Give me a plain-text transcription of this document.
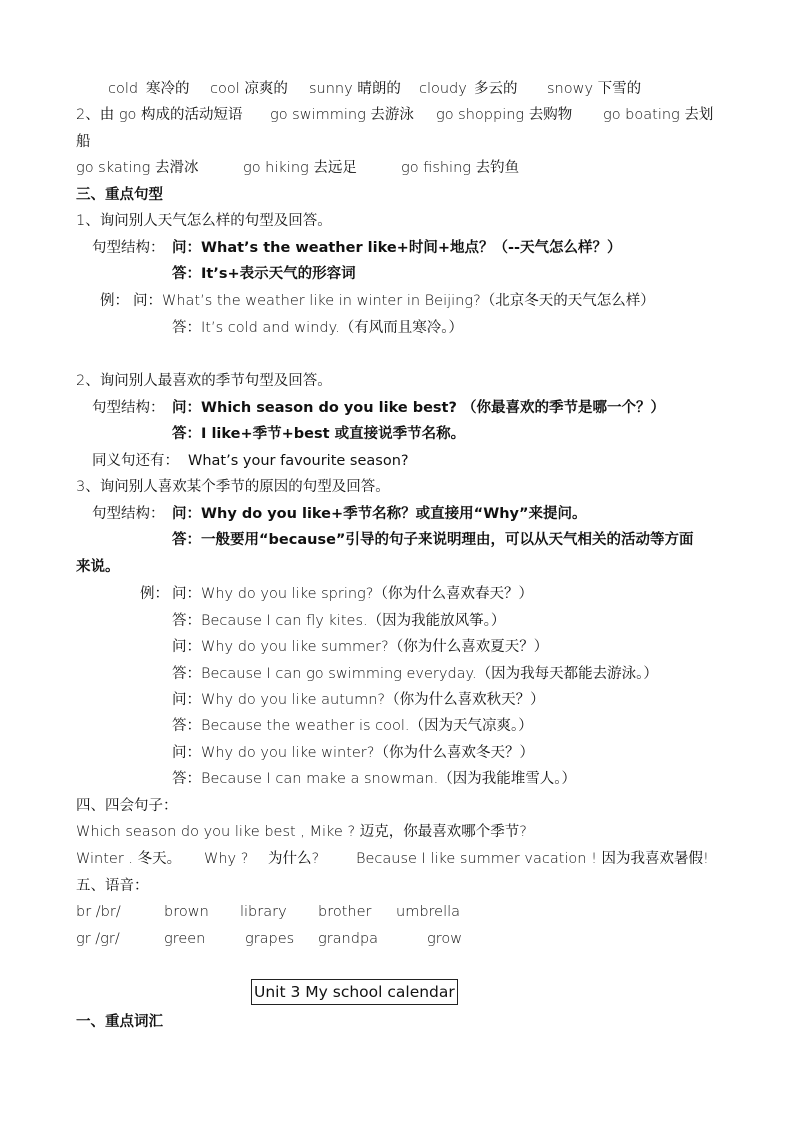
cold 寒冷的 cool 凉爽的 sunny 晴朗的 cloudy 多云的 snowy 下雪的
2、由 go 构成的活动短语 go swimming 去游泳 go shopping 去购物 go boating 去划
船
go skating 去滑冰	go hiking 去远足	go fishing 去钓鱼
三、重点句型
1、询问别人天气怎么样的句型及回答。
句型结构： 问：What’s the weather like+时间+地点？（--天气怎么样？）
答：It’s+表示天气的形容词
例： 问：What’s the weather like in winter in Beijing?（北京冬天的天气怎么样）
答：It’s cold and windy.（有风而且寒冷。）
2、询问别人最喜欢的季节句型及回答。
句型结构： 问：Which season do you like best? （你最喜欢的季节是哪一个？）
答：I like+季节+best 或直接说季节名称。
同义句还有： What’s your favourite season?
3、询问别人喜欢某个季节的原因的句型及回答。
句型结构： 问：Why do you like+季节名称？或直接用“Why”来提问。
答：一般要用“because”引导的句子来说明理由，可以从天气相关的活动等方面
来说。
例： 问：Why do you like spring?（你为什么喜欢春天？）
答：Because I can fly kites.（因为我能放风筝。）
问：Why do you like summer?（你为什么喜欢夏天？）
答：Because I can go swimming everyday.（因为我每天都能去游泳。）
问：Why do you like autumn?（你为什么喜欢秋天？）
答：Because the weather is cool.（因为天气凉爽。）
问：Why do you like winter?（你为什么喜欢冬天？）
答：Because I can make a snowman.（因为我能堆雪人。）
四、四会句子：
Which season do you like best , Mike ? 迈克，你最喜欢哪个季节?
Winter . 冬天。 Why ? 为什么?	Because I like summer vacation ! 因为我喜欢暑假!
五、语音：
br /br/	brown library brother umbrella
gr /gr/	green	grapes grandpa	grow
Unit 3 My school calendar
一、重点词汇
